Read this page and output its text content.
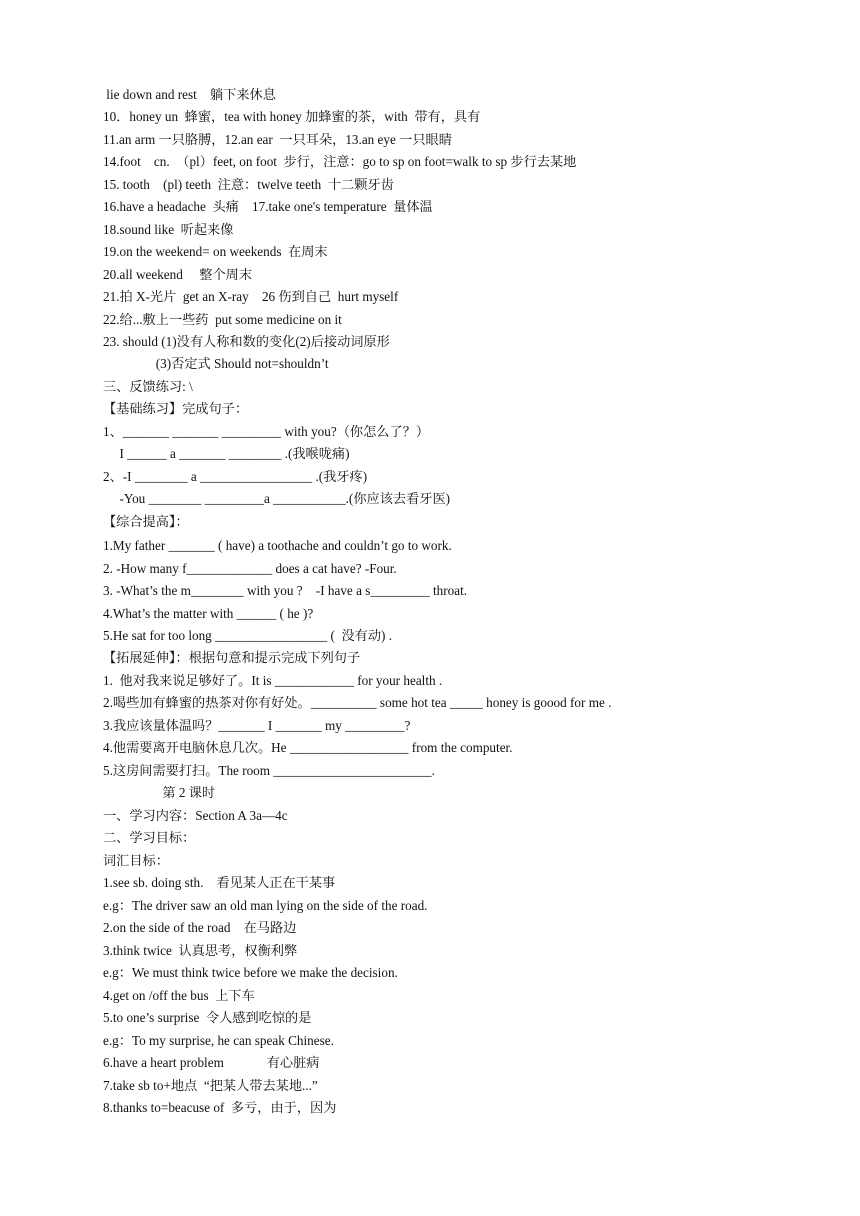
lie down and rest    躺下来休息
10．honey un  蜂蜜，tea with honey 加蜂蜜的茶，with  带有，具有
11.an arm 一只胳膊，12.an ear  一只耳朵，13.an eye 一只眼睛
14.foot    cn.  （pl）feet, on foot  步行，注意：go to sp on foot=walk to sp 步行去某地
15. tooth    (pl) teeth  注意：twelve teeth  十二颗牙齿
16.have a headache  头痛    17.take one's temperature  量体温
18.sound like  听起来像
19.on the weekend= on weekends  在周末
20.all weekend     整个周末
21.拍 X-光片  get an X-ray    26 伤到自己  hurt myself
22.给...敷上一些药  put some medicine on it
23. should (1)没有人称和数的变化(2)后接动词原形
(3)否定式 Should not=shouldn’t
三、反馈练习: \
【基础练习】完成句子：
1、_______ _______ _________ with you?（你怎么了？）
I ______ a _______ ________ .(我喉咙痛)
2、-I ________ a _________________ .(我牙疼)
-You ________ _________a ___________.(你应该去看牙医)
【综合提高】：
1.My father _______ ( have) a toothache and couldn’t go to work.
2. -How many f_____________ does a cat have? -Four.
3. -What’s the m________ with you ?    -I have a s_________ throat.
4.What’s the matter with ______ ( he )?
5.He sat for too long _________________ (  没有动) .
【拓展延伸】：根据句意和提示完成下列句子
1.  他对我来说足够好了。It is ____________ for your health .
2.喝些加有蜂蜜的热茶对你有好处。__________ some hot tea _____ honey is goood for me .
3.我应该量体温吗？_______ I _______ my _________?
4.他需要离开电脑休息几次。He __________________ from the computer.
5.这房间需要打扫。The room ________________________.
第 2 课时
一、学习内容：Section A 3a—4c
二、学习目标：
词汇目标：
1.see sb. doing sth.    看见某人正在干某事
e.g：The driver saw an old man lying on the side of the road.
2.on the side of the road    在马路边
3.think twice  认真思考，权衡利弊
e.g：We must think twice before we make the decision.
4.get on /off the bus  上下车
5.to one’s surprise  令人感到吃惊的是
e.g：To my surprise, he can speak Chinese.
6.have a heart problem             有心脏病
7.take sb to+地点  “把某人带去某地...”
8.thanks to=beacuse of  多亏，由于，因为
